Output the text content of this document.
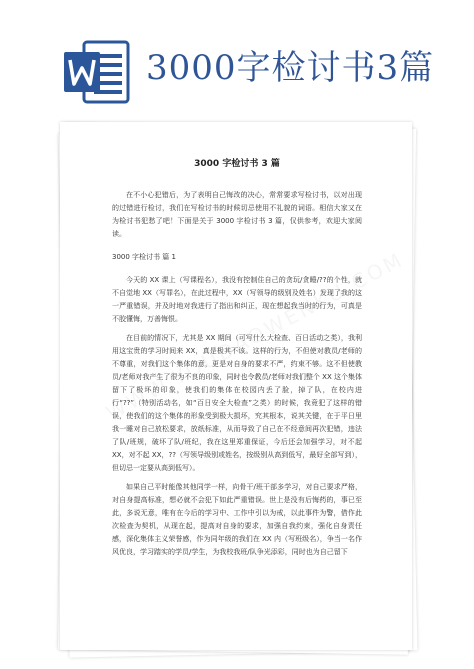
3000字检讨书3篇
3000 字检讨书 3 篇

在不小心犯错后，为了表明自己悔改的决心，常常要求写检讨书，以对出现的过错进行检讨，我们在写检讨书的时候切忌使用不礼貌的词语。相信大家又在为检讨书犯愁了吧！下面是关于 3000 字检讨书 3 篇，仅供参考，欢迎大家阅读。

3000 字检讨书 篇 1

今天的 XX 课上（写课程名），我没有控制住自己的贪玩/贪睡/??的个性，就不自觉地 XX（写罪名），在此过程中，XX（写领导的级别及姓名）发现了我的这一严重错误，并及时地对我进行了指出和纠正，现在想起我当时的行为，可真是不胶懂悔，万善悔恨。

在目前的情况下，尤其是 XX 期间（可写什么大检查、百日活动之类），我利用这宝贵的学习时间来 XX，真是极其不该。这样的行为，不但使对教员/老师的不尊重，对我们这个集体的意，更是对自身的要求不严，约束不够。这不但使教员/老师对我产生了很为不良的印象，同时也令教员/老师对我们整个 XX 这个集体留下了极坏的印象，使我们的集体在校园内丢了脸，掉了队，在校内进行“??”（特别活动名，如“百日安全大检查”之类）的时候，我竟犯了这样的错误，使我们的这个集体的形象受到极大损坏，究其根本，说其关键，在于平日里我一睡对自己放松要求，放纸标准，从而导致了自己在不经意间再次犯错，违法了队/班规，破坏了队/班纪，我在这里郑重保证，今后还会加强学习，对不起 XX，对不起 XX，??（写领导级别或姓名，按级别从高到低写，最好全部写到），但切忌一定要从高到低写）。

如果自己平时能像其他同学一样，向骨干/班干部多学习，对自己要求严格，对自身提高标准，想必就不会犯下如此严重错误。世上是没有后悔药的，事已至此，多说无意，唯有在今后的学习中、工作中引以为戒，以此事件为警，借作此次检查为契机，从现在起，提高对自身的要求，加强自我约束，强化自身责任感，深化集体主义荣誉感，作为同年级的我们在 XX 内（写班级名），争当一名作风优良，学习踏实的学员/学生，为我校我班/队争光添彩，同时也为自己留下
